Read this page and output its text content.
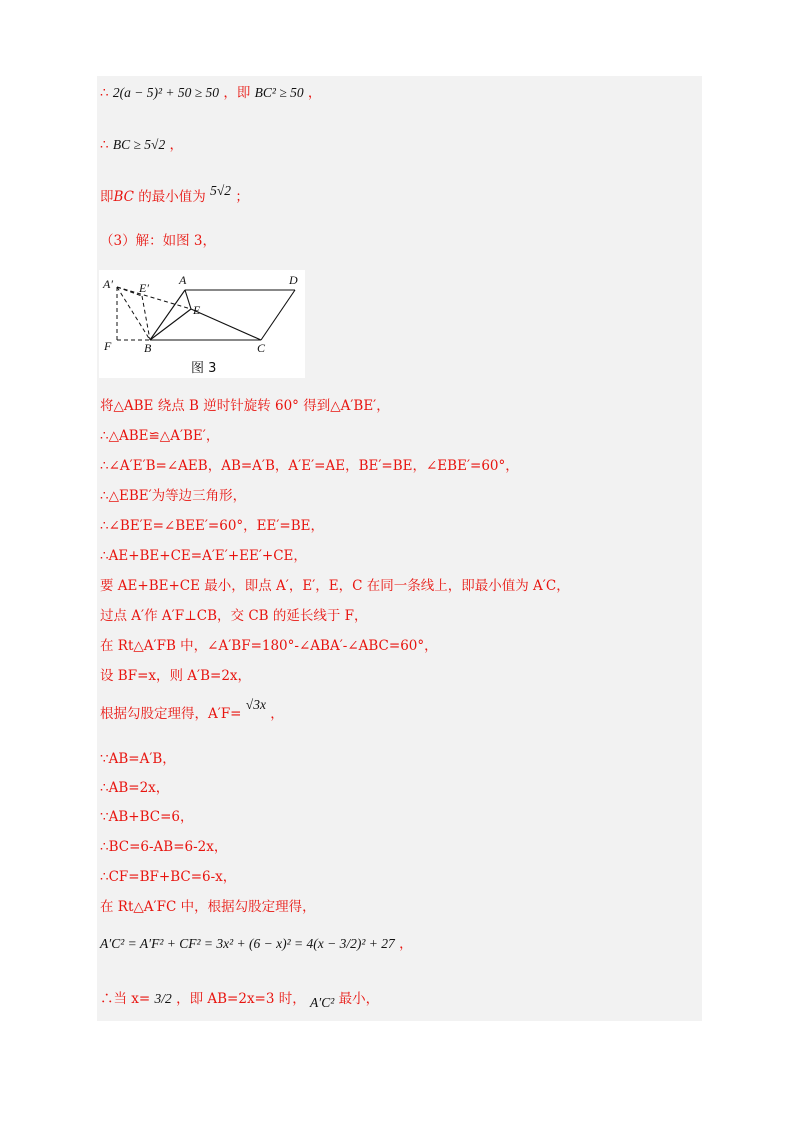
∴ 2(a − 5)² + 50 ≥ 50 ，即 BC² ≥ 50 ，
∴ BC ≥ 5√2 ，
即BC 的最小值为 5√2 ；
（3）解：如图 3，
A′ E′
A	D
E
F	B	C
图 3
将△ABE 绕点 B 逆时针旋转 60° 得到△A′BE′，
∴△ABE≌△A′BE′，
∴∠A′E′B=∠AEB，AB=A′B，A′E′=AE，BE′=BE，∠EBE′=60°，
∴△EBE′为等边三角形，
∴∠BE′E=∠BEE′=60°，EE′=BE，
∴AE+BE+CE=A′E′+EE′+CE，
要 AE+BE+CE 最小，即点 A′，E′，E，C 在同一条线上，即最小值为 A′C，
过点 A′作 A′F⊥CB，交 CB 的延长线于 F，
在 Rt△A′FB 中，∠A′BF=180°-∠ABA′-∠ABC=60°，
设 BF=x，则 A′B=2x，
根据勾股定理得，A′F= √3x ，
∵AB=A′B，
∴AB=2x，
∵AB+BC=6，
∴BC=6-AB=6-2x，
∴CF=BF+BC=6-x，
在 Rt△A′FC 中，根据勾股定理得，
A′C² = A′F² + CF² = 3x² + (6 − x)² = 4(x − 3/2)² + 27 ，
∴当 x= 3/2 ，即 AB=2x=3 时， A′C² 最小，
